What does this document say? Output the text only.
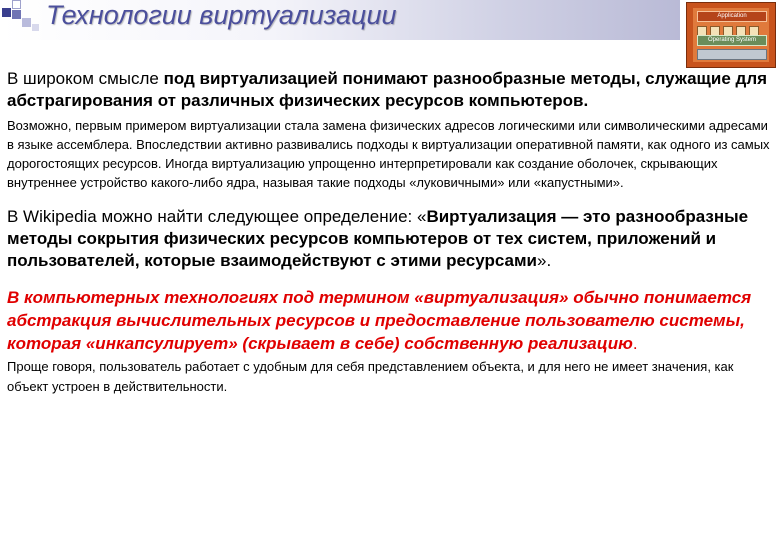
Технологии виртуализации	Application
Operating System

В широком смысле под виртуализацией понимают разнообразные методы, служащие для абстрагирования от различных физических ресурсов компьютеров.

Возможно, первым примером виртуализации стала замена физических адресов логическими или символическими адресами в языке ассемблера. Впоследствии активно развивались подходы к виртуализации оперативной памяти, как одного из самых дорогостоящих ресурсов. Иногда виртуализацию упрощенно интерпретировали как создание оболочек, скрывающих внутреннее устройство какого-либо ядра, называя такие подходы «луковичными» или «капустными».

В Wikipedia можно найти следующее определение: «Виртуализация — это разнообразные методы сокрытия физических ресурсов компьютеров от тех систем, приложений и пользователей, которые взаимодействуют с этими ресурсами».

В компьютерных технологиях под термином «виртуализация» обычно понимается абстракция вычислительных ресурсов и предоставление пользователю системы, которая «инкапсулирует» (скрывает в себе) собственную реализацию.

Проще говоря, пользователь работает с удобным для себя представлением объекта, и для него не имеет значения, как объект устроен в действительности.
